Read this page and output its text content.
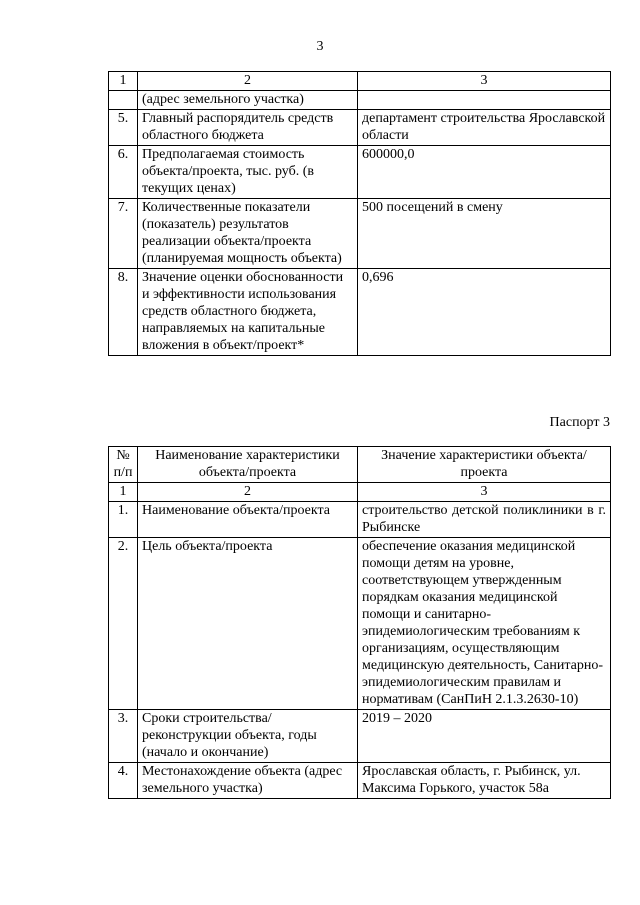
3
1	2	3
	(адрес земельного участка)	
5.	Главный распорядитель средств областного бюджета	департамент строительства Ярославской области
6.	Предполагаемая стоимость объекта/проекта, тыс. руб. (в текущих ценах)	600000,0
7.	Количественные показатели (показатель) результатов реализации объекта/проекта (планируемая мощность объекта)	500 посещений в смену
8.	Значение оценки обоснованности и эффективности использования средств областного бюджета, направляемых на капитальные вложения в объект/проект*	0,696
Паспорт 3
№ п/п	Наименование характеристики объекта/проекта	Значение характеристики объекта/проекта
1	2	3
1.	Наименование объекта/проекта	строительство детской поликлиники в г. Рыбинске
2.	Цель объекта/проекта	обеспечение оказания медицинской помощи детям на уровне, соответствующем утвержденным порядкам оказания медицинской помощи и санитарно-эпидемиологическим требованиям к организациям, осуществляющим медицинскую деятельность, Санитарно-эпидемиологическим правилам и нормативам (СанПиН 2.1.3.2630-10)
3.	Сроки строительства/реконструкции объекта, годы (начало и окончание)	2019 – 2020
4.	Местонахождение объекта (адрес земельного участка)	Ярославская область, г. Рыбинск, ул. Максима Горького, участок 58а
